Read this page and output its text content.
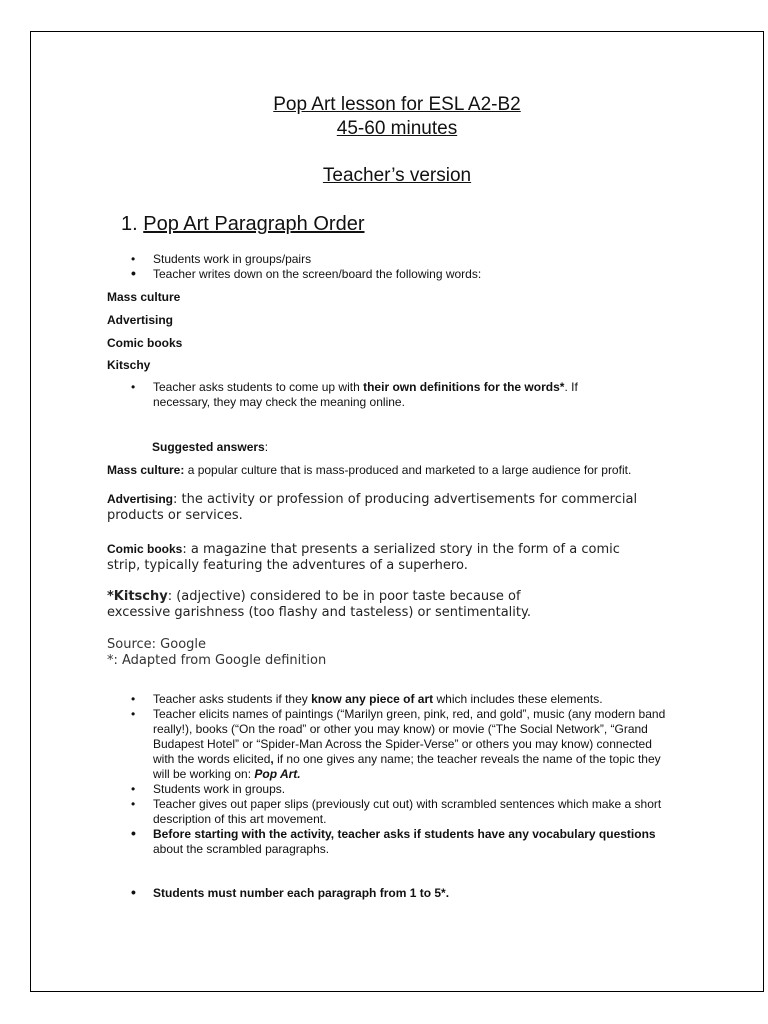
Pop Art lesson for ESL A2-B2
45-60 minutes
Teacher’s version
1. Pop Art Paragraph Order
• Students work in groups/pairs
• Teacher writes down on the screen/board the following words:
Mass culture
Advertising
Comic books
Kitschy
• Teacher asks students to come up with their own definitions for the words*. If necessary, they may check the meaning online.
Suggested answers:
Mass culture: a popular culture that is mass-produced and marketed to a large audience for profit.
Advertising: the activity or profession of producing advertisements for commercial products or services.
Comic books: a magazine that presents a serialized story in the form of a comic strip, typically featuring the adventures of a superhero.
*Kitschy: (adjective) considered to be in poor taste because of excessive garishness (too flashy and tasteless) or sentimentality.
Source: Google
*: Adapted from Google definition
• Teacher asks students if they know any piece of art which includes these elements.
• Teacher elicits names of paintings (“Marilyn green, pink, red, and gold”, music (any modern band really!), books (“On the road” or other you may know) or movie (“The Social Network”, “Grand Budapest Hotel” or “Spider-Man Across the Spider-Verse” or others you may know) connected with the words elicited, if no one gives any name; the teacher reveals the name of the topic they will be working on: Pop Art.
• Students work in groups.
• Teacher gives out paper slips (previously cut out) with scrambled sentences which make a short description of this art movement.
• Before starting with the activity, teacher asks if students have any vocabulary questions about the scrambled paragraphs.
• Students must number each paragraph from 1 to 5*.
